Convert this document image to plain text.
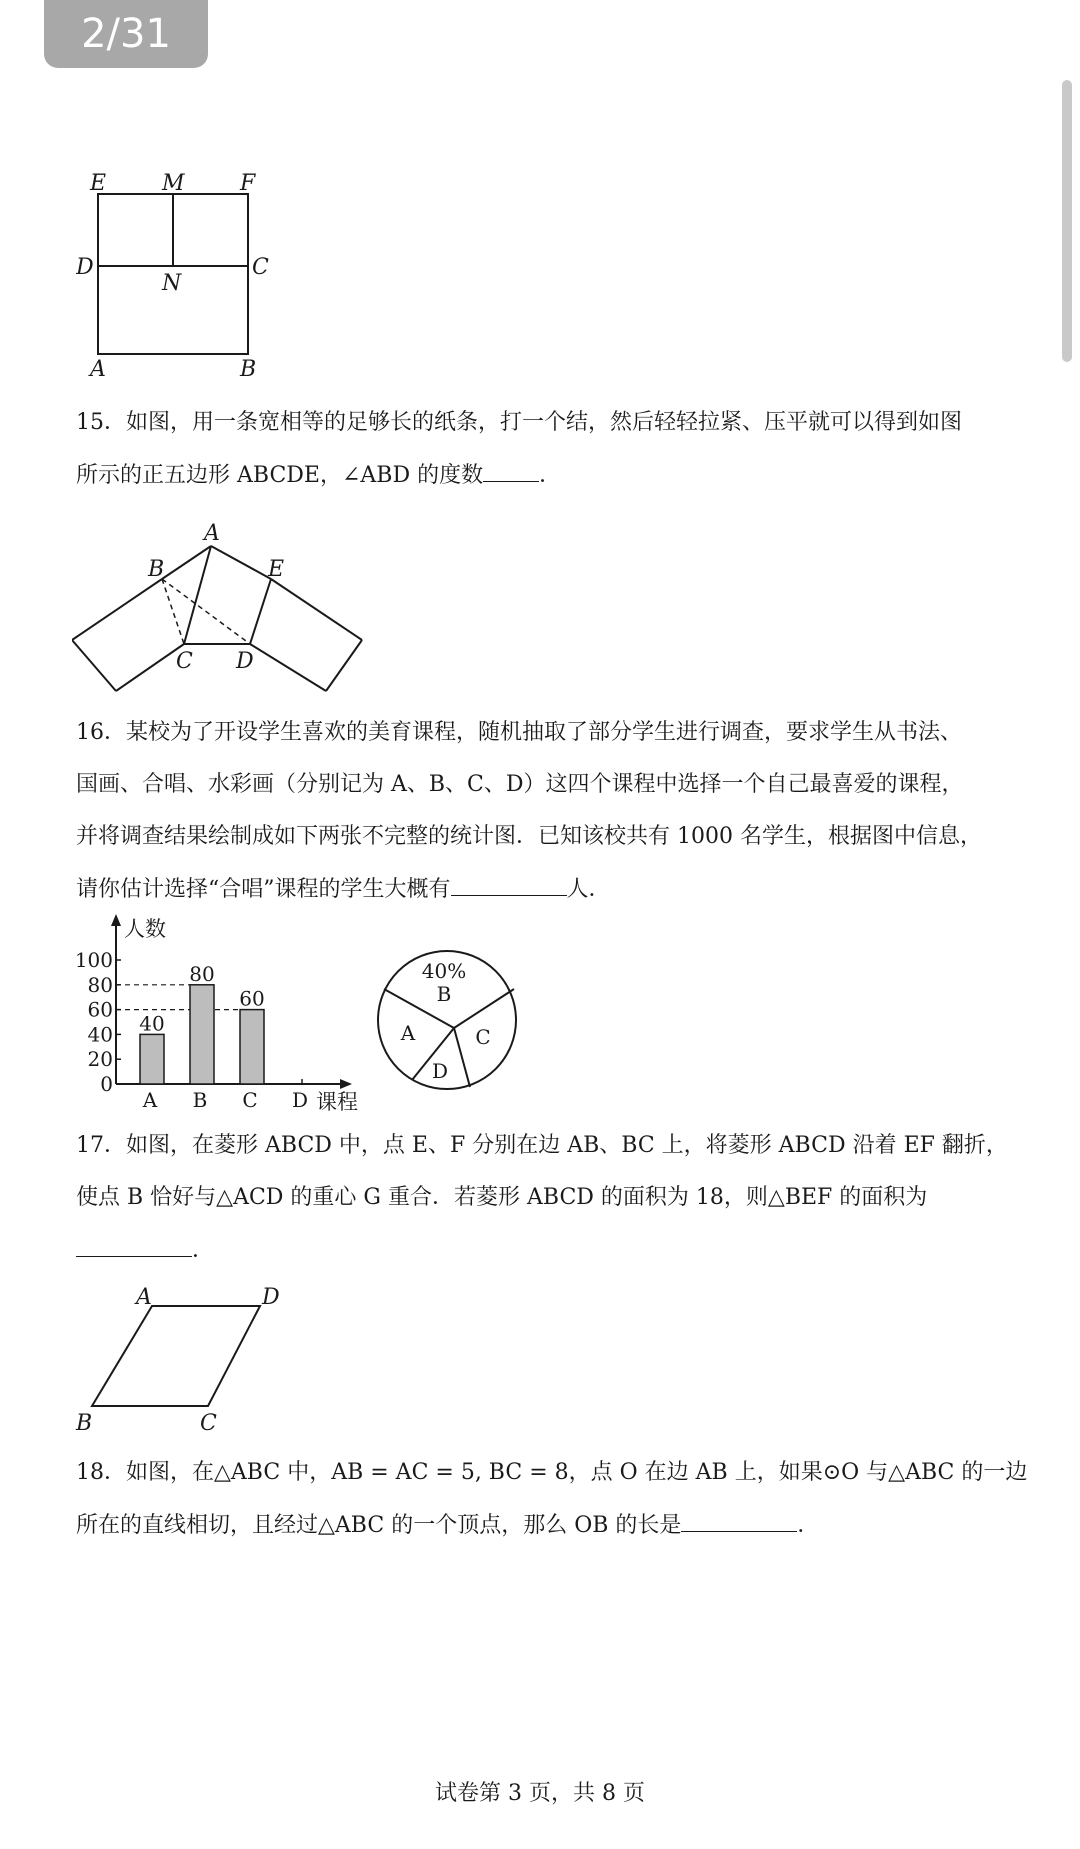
2/31
E	M	F
D
N
C
A	B

15．如图，用一条宽相等的足够长的纸条，打一个结，然后轻轻拉紧、压平就可以得到如图

所示的正五边形 ABCDE，∠ABD 的度数	．

A
B	E
C D

16．某校为了开设学生喜欢的美育课程，随机抽取了部分学生进行调查，要求学生从书法、

国画、合唱、水彩画（分别记为 A、B、C、D）这四个课程中选择一个自己最喜爱的课程，

并将调查结果绘制成如下两张不完整的统计图．已知该校共有 1000 名学生，根据图中信息，

请你估计选择“合唱”课程的学生大概有	人．

0
20
40
60
80
100
人数
课程
40
A
80
B
60
C D
40%
B
A	C
D

17．如图，在菱形 ABCD 中，点 E、F 分别在边 AB、BC 上，将菱形 ABCD 沿着 EF 翻折，

使点 B 恰好与△ACD 的重心 G 重合．若菱形 ABCD 的面积为 18，则△BEF 的面积为

．

A	D
B	C

18．如图，在△ABC 中，AB = AC = 5, BC = 8，点 O 在边 AB 上，如果⊙O 与△ABC 的一边

所在的直线相切，且经过△ABC 的一个顶点，那么 OB 的长是	．

试卷第 3 页，共 8 页
